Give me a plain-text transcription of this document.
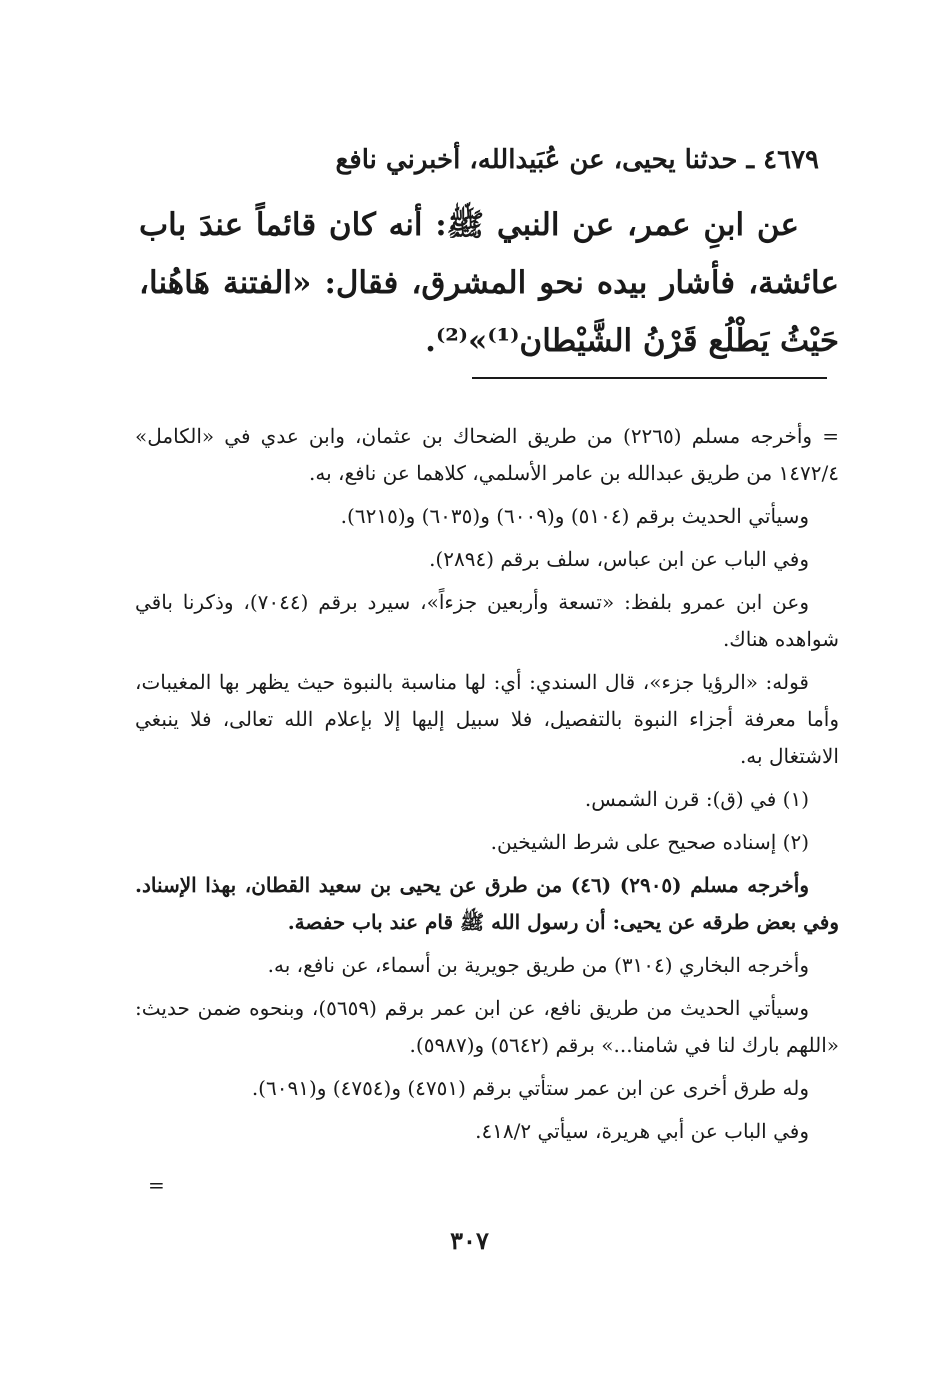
٤٦٧٩ ـ حدثنا يحيى، عن عُبَيدالله، أخبرني نافع
عن ابنِ عمر، عن النبي ﷺ: أنه كان قائماً عندَ باب عائشة، فأشار بيده نحو المشرق، فقال: «الفتنة هَاهُنا، حَيْثُ يَطْلُع قَرْنُ الشَّيْطان⁽¹⁾»⁽²⁾.

= وأخرجه مسلم (٢٢٦٥) من طريق الضحاك بن عثمان، وابن عدي في «الكامل» ١٤٧٢/٤ من طريق عبدالله بن عامر الأسلمي، كلاهما عن نافع، به.

وسيأتي الحديث برقم (٥١٠٤) و(٦٠٠٩) و(٦٠٣٥) و(٦٢١٥).

وفي الباب عن ابن عباس، سلف برقم (٢٨٩٤).

وعن ابن عمرو بلفظ: «تسعة وأربعين جزءاً»، سيرد برقم (٧٠٤٤)، وذكرنا باقي شواهده هناك.

قوله: «الرؤيا جزء»، قال السندي: أي: لها مناسبة بالنبوة حيث يظهر بها المغيبات، وأما معرفة أجزاء النبوة بالتفصيل، فلا سبيل إليها إلا بإعلام الله تعالى، فلا ينبغي الاشتغال به.

(١) في (ق): قرن الشمس.

(٢) إسناده صحيح على شرط الشيخين.

وأخرجه مسلم (٢٩٠٥) (٤٦) من طرق عن يحيى بن سعيد القطان، بهذا الإسناد. وفي بعض طرقه عن يحيى: أن رسول الله ﷺ قام عند باب حفصة.

وأخرجه البخاري (٣١٠٤) من طريق جويرية بن أسماء، عن نافع، به.

وسيأتي الحديث من طريق نافع، عن ابن عمر برقم (٥٦٥٩)، وبنحوه ضمن حديث: «اللهم بارك لنا في شامنا...» برقم (٥٦٤٢) و(٥٩٨٧).

وله طرق أخرى عن ابن عمر ستأتي برقم (٤٧٥١) و(٤٧٥٤) و(٦٠٩١).

وفي الباب عن أبي هريرة، سيأتي ٤١٨/٢.

=
٣٠٧
